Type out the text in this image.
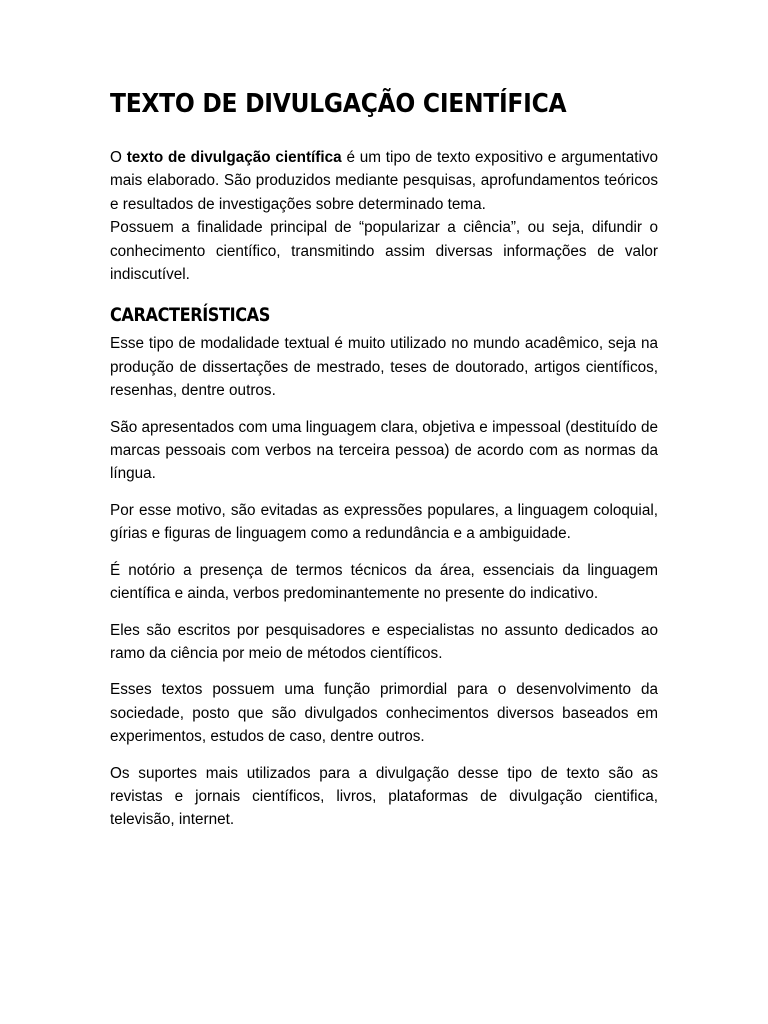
TEXTO DE DIVULGAÇÃO CIENTÍFICA

O texto de divulgação científica é um tipo de texto expositivo e argumentativo mais elaborado. São produzidos mediante pesquisas, aprofundamentos teóricos e resultados de investigações sobre determinado tema.

Possuem a finalidade principal de “popularizar a ciência”, ou seja, difundir o conhecimento científico, transmitindo assim diversas informações de valor indiscutível.

CARACTERÍSTICAS

Esse tipo de modalidade textual é muito utilizado no mundo acadêmico, seja na produção de dissertações de mestrado, teses de doutorado, artigos científicos, resenhas, dentre outros.

São apresentados com uma linguagem clara, objetiva e impessoal (destituído de marcas pessoais com verbos na terceira pessoa) de acordo com as normas da língua.

Por esse motivo, são evitadas as expressões populares, a linguagem coloquial, gírias e figuras de linguagem como a redundância e a ambiguidade.

É notório a presença de termos técnicos da área, essenciais da linguagem científica e ainda, verbos predominantemente no presente do indicativo.

Eles são escritos por pesquisadores e especialistas no assunto dedicados ao ramo da ciência por meio de métodos científicos.

Esses textos possuem uma função primordial para o desenvolvimento da sociedade, posto que são divulgados conhecimentos diversos baseados em experimentos, estudos de caso, dentre outros.

Os suportes mais utilizados para a divulgação desse tipo de texto são as revistas e jornais científicos, livros, plataformas de divulgação cientifica, televisão, internet.
